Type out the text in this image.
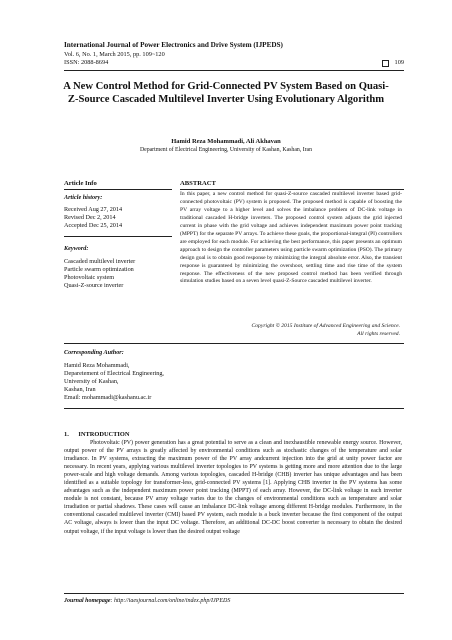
International Journal of Power Electronics and Drive System (IJPEDS)
Vol. 6, No. 1, March 2015, pp. 109~120
ISSN: 2088-8694	109
A New Control Method for Grid-Connected PV System Based on Quasi-Z-Source Cascaded Multilevel Inverter Using Evolutionary Algorithm
Hamid Reza Mohammadi, Ali Akhavan
Department of Electrical Engineering, University of Kashan, Kashan, Iran
Article Info
Article history:
Received Aug 27, 2014
Revised Dec 2, 2014
Accepted Dec 25, 2014
Keyword:
Cascaded multilevel inverter
Particle swarm optimization
Photovoltaic system
Quasi-Z-source inverter
ABSTRACT
In this paper, a new control method for quasi-Z-source cascaded multilevel inverter based grid-connected photovoltaic (PV) system is proposed. The proposed method is capable of boosting the PV array voltage to a higher level and solves the imbalance problem of DC-link voltage in traditional cascaded H-bridge inverters. The proposed control system adjusts the grid injected current in phase with the grid voltage and achieves independent maximum power point tracking (MPPT) for the separate PV arrays. To achieve these goals, the proportional-integral (PI) controllers are employed for each module. For achieving the best performance, this paper presents an optimum approach to design the controller parameters using particle swarm optimization (PSO). The primary design goal is to obtain good response by minimizing the integral absolute error. Also, the transient response is guaranteed by minimizing the overshoot, settling time and rise time of the system response. The effectiveness of the new proposed control method has been verified through simulation studies based on a seven level quasi-Z-Source cascaded multilevel inverter.
Copyright © 2015 Institute of Advanced Engineering and Science.
All rights reserved.
Corresponding Author:
Hamid Reza Mohammadi,
Deparetement of Electrical Engineering,
University of Kashan,
Kashan, Iran
Email: mohammadi@kashanu.ac.ir
1.      INTRODUCTION

Photovoltaic (PV) power generation has a great potential to serve as a clean and inexhaustible renewable energy source. However, output power of the PV arrays is greatly affected by environmental conditions such as stochastic changes of the temperature and solar irradiance. In PV systems, extracting the maximum power of the PV array andcurrent injection into the grid at unity power factor are necessary. In recent years, applying various multilevel inverter topologies to PV systems is getting more and more attention due to the large power-scale and high voltage demands. Among various topologies, cascaded H-bridge (CHB) inverter has unique advantages and has been identified as a suitable topology for transformer-less, grid-connected PV systems [1]. Applying CHB inverter in the PV systems has some advantages such as the independent maximum power point tracking (MPPT) of each array. However, the DC-link voltage in each inverter module is not constant, because PV array voltage varies due to the changes of environmental conditions such as temperature and solar irradiation or partial shadows. These cases will cause an imbalance DC-link voltage among different H-bridge modules. Furthermore, in the conventional cascaded multilevel inverter (CMI) based PV system, each module is a buck inverter because the first component of the output AC voltage, always is lower than the input DC voltage. Therefore, an additional DC-DC boost converter is necessary to obtain the desired output voltage, if the input voltage is lower than the desired output voltage

Journal homepage: http://iaesjournal.com/online/index.php/IJPEDS
